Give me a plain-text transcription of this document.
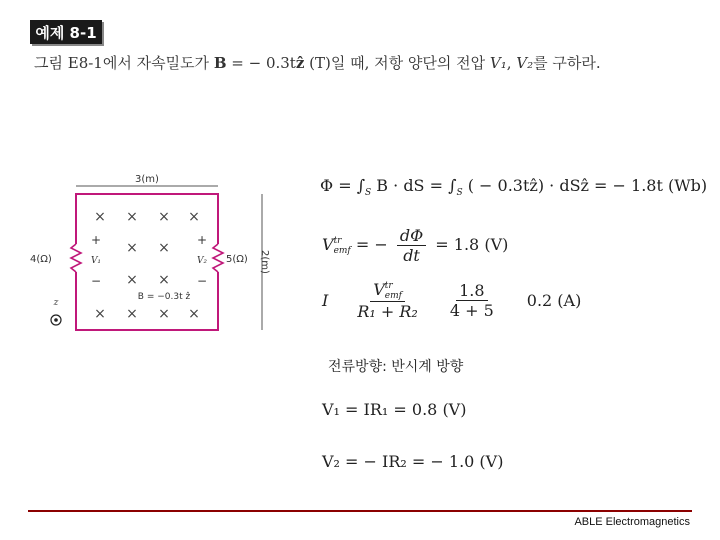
예제 8-1
그림 E8-1에서 자속밀도가 B = − 0.3tẑ (T)일 때, 저항 양단의 전압 V₁, V₂를 구하라.
3(m)
2(m)
4(Ω)	5(Ω)
× × × ×
× ×
× ×
× × × ×
+
V₁
−
+
V₂
−
B = −0.3t ẑ
z
$\Phi = \int_S$ B · dS = $\int_S$ ( − 0.3tẑ) · dSẑ = − 1.8t (Wb)
V tr
emf = − $\frac{d\Phi}{dt} = 1.8$ (V)
I V tr
emf
$R_1 + R_2 \frac{1.8}{4 + 5} 0.2$ (A)
전류방향: 반시계 방향
V₁ = IR₁ = 0.8 (V)
V₂ = − IR₂ = − 1.0 (V)
ABLE Electromagnetics
